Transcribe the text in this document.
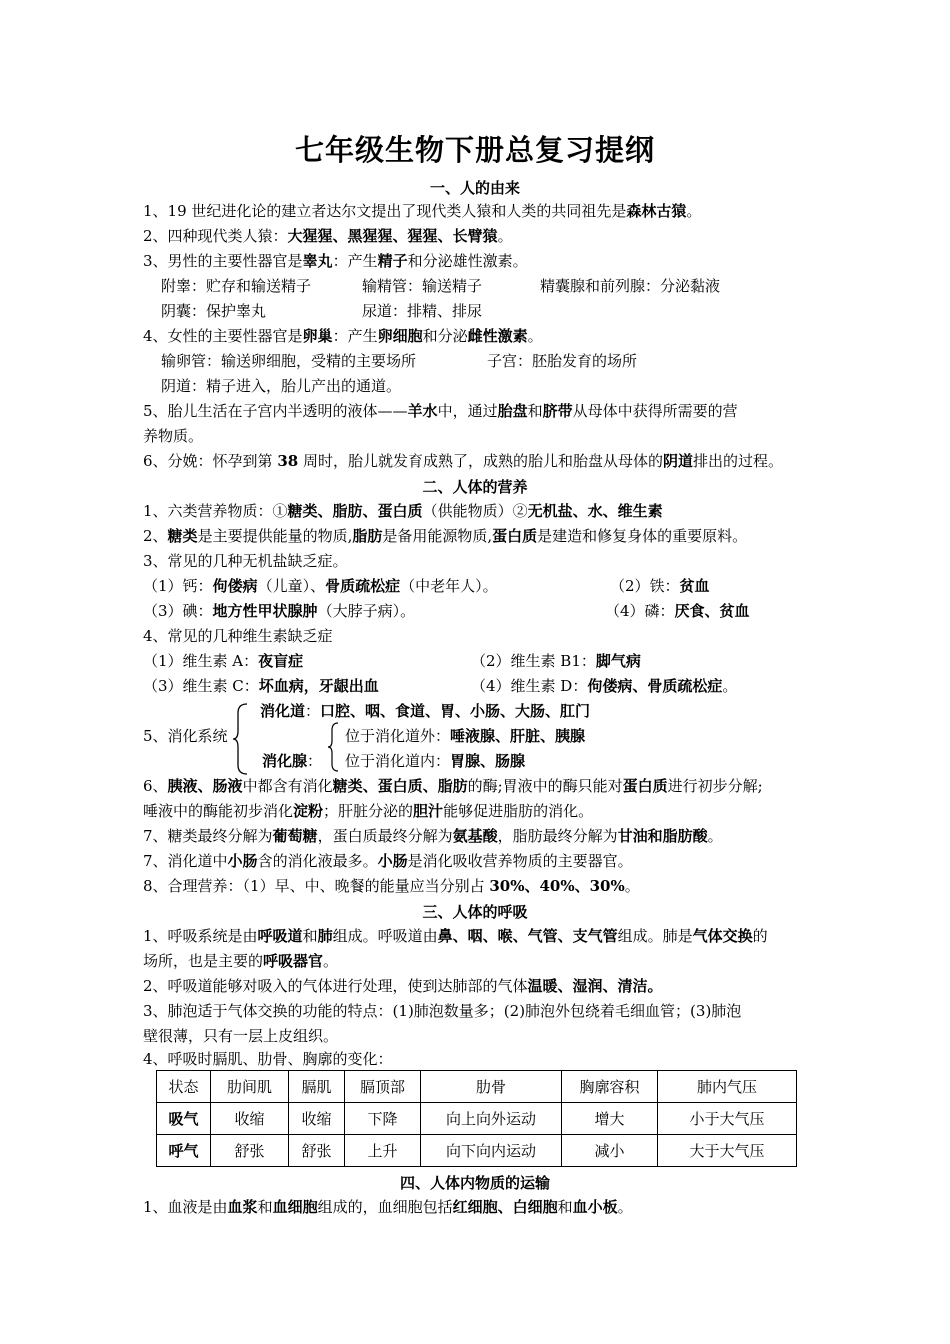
七年级生物下册总复习提纲
一、人的由来
1、19 世纪进化论的建立者达尔文提出了现代类人猿和人类的共同祖先是森林古猿。
2、四种现代类人猿：大猩猩、黑猩猩、猩猩、长臂猿。
3、男性的主要性器官是睾丸：产生精子和分泌雄性激素。
附睾：贮存和输送精子	输精管：输送精子	精囊腺和前列腺：分泌黏液
阴囊：保护睾丸	尿道：排精、排尿
4、女性的主要性器官是卵巢：产生卵细胞和分泌雌性激素。
输卵管：输送卵细胞，受精的主要场所	子宫：胚胎发育的场所
阴道：精子进入，胎儿产出的通道。
5、胎儿生活在子宫内半透明的液体——羊水中，通过胎盘和脐带从母体中获得所需要的营
养物质。
6、分娩：怀孕到第 38 周时，胎儿就发育成熟了，成熟的胎儿和胎盘从母体的阴道排出的过程。
二、人体的营养
1、六类营养物质：①糖类、脂肪、蛋白质（供能物质）②无机盐、水、维生素
2、糖类是主要提供能量的物质,脂肪是备用能源物质,蛋白质是建造和修复身体的重要原料。
3、常见的几种无机盐缺乏症。
（1）钙：佝偻病（儿童）、骨质疏松症（中老年人）。	（2）铁：贫血
（3）碘：地方性甲状腺肿（大脖子病）。	（4）磷：厌食、贫血
4、常见的几种维生素缺乏症
（1）维生素 A：夜盲症	（2）维生素 B1：脚气病
（3）维生素 C：坏血病，牙龈出血	（4）维生素 D：佝偻病、骨质疏松症。
消化道：口腔、咽、食道、胃、小肠、大肠、肛门
5、消化系统	位于消化道外：唾液腺、肝脏、胰腺
消化腺： 位于消化道内：胃腺、肠腺
6、胰液、肠液中都含有消化糖类、蛋白质、脂肪的酶;胃液中的酶只能对蛋白质进行初步分解;
唾液中的酶能初步消化淀粉；肝脏分泌的胆汁能够促进脂肪的消化。
7、糖类最终分解为葡萄糖，蛋白质最终分解为氨基酸，脂肪最终分解为甘油和脂肪酸。
7、消化道中小肠含的消化液最多。小肠是消化吸收营养物质的主要器官。
8、合理营养：（1）早、中、晚餐的能量应当分别占 30%、40%、30%。
三、人体的呼吸
1、呼吸系统是由呼吸道和肺组成。呼吸道由鼻、咽、喉、气管、支气管组成。肺是气体交换的
场所，也是主要的呼吸器官。
2、呼吸道能够对吸入的气体进行处理，使到达肺部的气体温暖、湿润、清洁。
3、肺泡适于气体交换的功能的特点：(1)肺泡数量多；(2)肺泡外包绕着毛细血管；(3)肺泡
壁很薄，只有一层上皮组织。
4、呼吸时膈肌、肋骨、胸廓的变化：
状态	肋间肌	膈肌	膈顶部	肋骨	胸廓容积	肺内气压
吸气	收缩	收缩	下降	向上向外运动	增大	小于大气压
呼气	舒张	舒张	上升	向下向内运动	减小	大于大气压
四、人体内物质的运输
1、血液是由血浆和血细胞组成的，血细胞包括红细胞、白细胞和血小板。
